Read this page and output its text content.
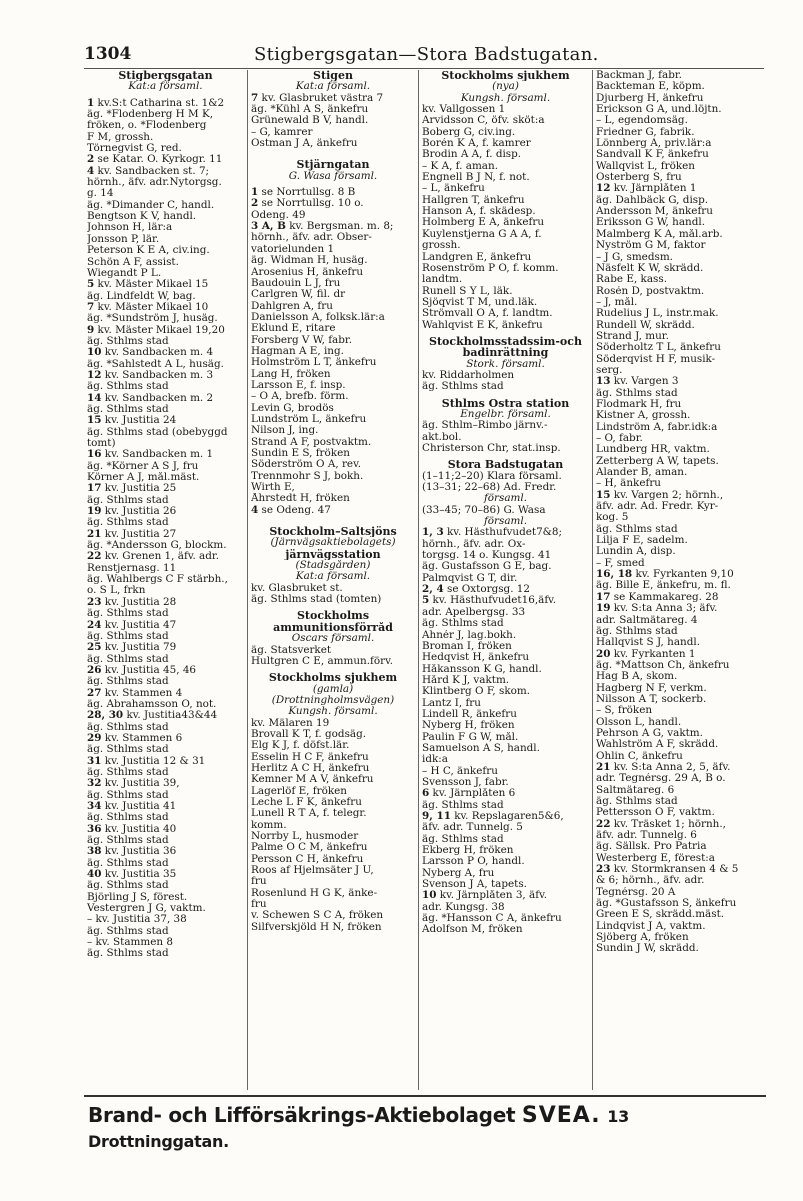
1304	Stigbergsgatan—Stora Badstugatan.
Stigbergsgatan
Kat:a församl.
1 kv.S:t Catharina st. 1&2
äg. *Flodenberg H M K,
fröken, o. *Flodenberg
F M, grossh.
Törnegvist G, red.
2 se Katar. Ö. Kyrkogr. 11
4 kv. Sandbacken st. 7;
hörnh., äfv. adr.Nytorgsg.
g. 14
äg. *Dimander C, handl.
Bengtson K V, handl.
Johnson H, lär:a
Jonsson P, lär.
Peterson K E A, civ.ing.
Schön A F, assist.
Wiegandt P L.
5 kv. Mäster Mikael 15
äg. Lindfeldt W, bag.
7 kv. Mäster Mikael 10
äg. *Sundström J, husäg.
9 kv. Mäster Mikael 19,20
äg. Sthlms stad
10 kv. Sandbacken m. 4
äg. *Sahlstedt A L, husäg.
12 kv. Sandbacken m. 3
äg. Sthlms stad
14 kv. Sandbacken m. 2
äg. Sthlms stad
15 kv. Justitia 24
äg. Sthlms stad (obebyggd
tomt)
16 kv. Sandbacken m. 1
äg. *Körner A S J, fru
Körner A J, mål.mäst.
17 kv. Justitia 25
äg. Sthlms stad
19 kv. Justitia 26
äg. Sthlms stad
21 kv. Justitia 27
äg. *Andersson G, blockm.
22 kv. Grenen 1, äfv. adr.
Renstjernasg. 11
äg. Wahlbergs C F stärbh.,
o. S L, frkn
23 kv. Justitia 28
äg. Sthlms stad
24 kv. Justitia 47
äg. Sthlms stad
25 kv. Justitia 79
äg. Sthlms stad
26 kv. Justitia 45, 46
äg. Sthlms stad
27 kv. Stammen 4
äg. Abrahamsson O, not.
28, 30 kv. Justitia43&44
äg. Sthlms stad
29 kv. Stammen 6
äg. Sthlms stad
31 kv. Justitia 12 & 31
äg. Sthlms stad
32 kv. Justitia 39,
äg. Sthlms stad
34 kv. Justitia 41
äg. Sthlms stad
36 kv. Justitia 40
äg. Sthlms stad
38 kv. Justitia 36
äg. Sthlms stad
40 kv. Justitia 35
äg. Sthlms stad
Björling J S, förest.
Vestergren J G, vaktm.
– kv. Justitia 37, 38
äg. Sthlms stad
– kv. Stammen 8
äg. Sthlms stad
Stigen
Kat:a församl.
7 kv. Glasbruket västra 7
äg. *Kühl A S, änkefru
Grünewald B V, handl.
– G, kamrer
Östman J A, änkefru
Stjärngatan
G. Wasa församl.
1 se Norrtullsg. 8 B
2 se Norrtullsg. 10 o.
Odeng. 49
3 A, B kv. Bergsman. m. 8;
hörnh., äfv. adr. Obser-
vatorielunden 1
äg. Widman H, husäg.
Arosenius H, änkefru
Baudouin L J, fru
Carlgren W, fil. dr
Dahlgren A, fru
Danielsson A, folksk.lär:a
Eklund E, ritare
Forsberg V W, fabr.
Hagman A E, ing.
Holmström L T, änkefru
Lang H, fröken
Larsson E, f. insp.
– O A, brefb. förm.
Levin G, brodös
Lundström L, änkefru
Nilson J, ing.
Strand A F, postvaktm.
Sundin E S, fröken
Söderström O A, rev.
Trennmohr S J, bokh.
Wirth E,
Åhrstedt H, fröken
4 se Odeng. 47
Stockholm–Saltsjöns
(Järnvägsaktiebolagets)
järnvägsstation
(Stadsgården)
Kat:a församl.
kv. Glasbruket st.
äg. Sthlms stad (tomten)
Stockholms
ammunitionsförråd
Oscars församl.
äg. Statsverket
Hultgren C E, ammun.förv.
Stockholms sjukhem
(gamla)
(Drottningholmsvägen)
Kungsh. församl.
kv. Mälaren 19
Brovall K T, f. godsäg.
Elg K J, f. döfst.lär.
Esselin H C F, änkefru
Herlitz A C H, änkefru
Kemner M A V, änkefru
Lagerlöf E, fröken
Leche L F K, änkefru
Lunell R T A, f. telegr.
komm.
Norrby L, husmoder
Palme O C M, änkefru
Persson C H, änkefru
Roos af Hjelmsäter J U,
fru
Rosenlund H G K, änke-
fru
v. Schewen S C A, fröken
Silfverskjöld H N, fröken
Stockholms sjukhem
(nya)
Kungsh. församl.
kv. Vallgossen 1
Arvidsson C, öfv. sköt:a
Boberg G, civ.ing.
Borén K A, f. kamrer
Brodin A A, f. disp.
– K A, f. aman.
Engnell B J N, f. not.
– L, änkefru
Hallgren T, änkefru
Hanson A, f. skädesp.
Holmberg E A, änkefru
Kuylenstjerna G A A, f.
grossh.
Landgren E, änkefru
Rosenström P O, f. komm.
landtm.
Runell S Y L, läk.
Sjöqvist T M, und.läk.
Strömvall O A, f. landtm.
Wahlqvist E K, änkefru
Stockholmsstadssim-och
badinrättning
Stork. församl.
kv. Riddarholmen
äg. Sthlms stad
Sthlms Östra station
Engelbr. församl.
äg. Sthlm–Rimbo järnv.-
akt.bol.
Christerson Chr, stat.insp.
Stora Badstugatan
(1–11;2–20) Klara församl.
(13–31; 22–68) Ad. Fredr.
församl.
(33–45; 70–86) G. Wasa
församl.
1, 3 kv. Hästhufvudet7&8;
hörnh., äfv. adr. Ox-
torgsg. 14 o. Kungsg. 41
äg. Gustafsson G E, bag.
Palmqvist G T, dir.
2, 4 se Oxtorgsg. 12
5 kv. Hästhufvudet16,äfv.
adr. Apelbergsg. 33
äg. Sthlms stad
Ahnér J, lag.bokh.
Broman I, fröken
Hedqvist H, änkefru
Håkansson K G, handl.
Hård K J, vaktm.
Klintberg O F, skom.
Lantz I, fru
Lindell R, änkefru
Nyberg H, fröken
Paulin F G W, mål.
Samuelson A S, handl.
idk:a
– H C, änkefru
Svensson J, fabr.
6 kv. Järnplåten 6
äg. Sthlms stad
9, 11 kv. Repslagaren5&6,
äfv. adr. Tunnelg. 5
äg. Sthlms stad
Ekberg H, fröken
Larsson P O, handl.
Nyberg A, fru
Svenson J A, tapets.
10 kv. Järnplåten 3, äfv.
adr. Kungsg. 38
äg. *Hansson C A, änkefru
Adolfson M, fröken
Backman J, fabr.
Backteman E, köpm.
Djurberg H, änkefru
Erickson G A, und.löjtn.
– L, egendomsäg.
Friedner G, fabrik.
Lönnberg A, priv.lär:a
Sandvall K F, änkefru
Wallqvist L, fröken
Österberg S, fru
12 kv. Järnplåten 1
äg. Dahlbäck G, disp.
Andersson M, änkefru
Eriksson G W, handl.
Malmberg K A, mål.arb.
Nyström G M, faktor
– J G, smedsm.
Näsfelt K W, skrädd.
Rabe E, kass.
Rosén D, postvaktm.
– J, mål.
Rudelius J L, instr.mak.
Rundell W, skrädd.
Strand J, mur.
Söderholtz T L, änkefru
Söderqvist H F, musik-
serg.
13 kv. Vargen 3
äg. Sthlms stad
Flodmark H, fru
Kistner A, grossh.
Lindström A, fabr.idk:a
– O, fabr.
Lundberg HR, vaktm.
Zetterberg A W, tapets.
Alander B, aman.
– H, änkefru
15 kv. Vargen 2; hörnh.,
äfv. adr. Ad. Fredr. Kyr-
kog. 5
äg. Sthlms stad
Lilja F E, sadelm.
Lundin A, disp.
– F, smed
16, 18 kv. Fyrkanten 9,10
äg. Bille E, änkefru, m. fl.
17 se Kammakareg. 28
19 kv. S:ta Anna 3; äfv.
adr. Saltmätareg. 4
äg. Sthlms stad
Hallqvist S J, handl.
20 kv. Fyrkanten 1
äg. *Mattson Ch, änkefru
Hag B A, skom.
Hagberg N F, verkm.
Nilsson A T, sockerb.
– S, fröken
Olsson L, handl.
Pehrson A G, vaktm.
Wahlström A F, skrädd.
Öhlin C, änkefru
21 kv. S:ta Anna 2, 5, äfv.
adr. Tegnérsg. 29 A, B o.
Saltmätareg. 6
äg. Sthlms stad
Pettersson O F, vaktm.
22 kv. Träsket 1; hörnh.,
äfv. adr. Tunnelg. 6
äg. Sällsk. Pro Patria
Westerberg E, förest:a
23 kv. Stormkransen 4 & 5
& 6; hörnh., äfv. adr.
Tegnérsg. 20 A
äg. *Gustafsson S, änkefru
Green E S, skrädd.mäst.
Lindqvist J A, vaktm.
Sjöberg A, fröken
Sundin J W, skrädd.
Brand- och Lifförsäkrings-Aktiebolaget SVEA. 13 Drottninggatan.
